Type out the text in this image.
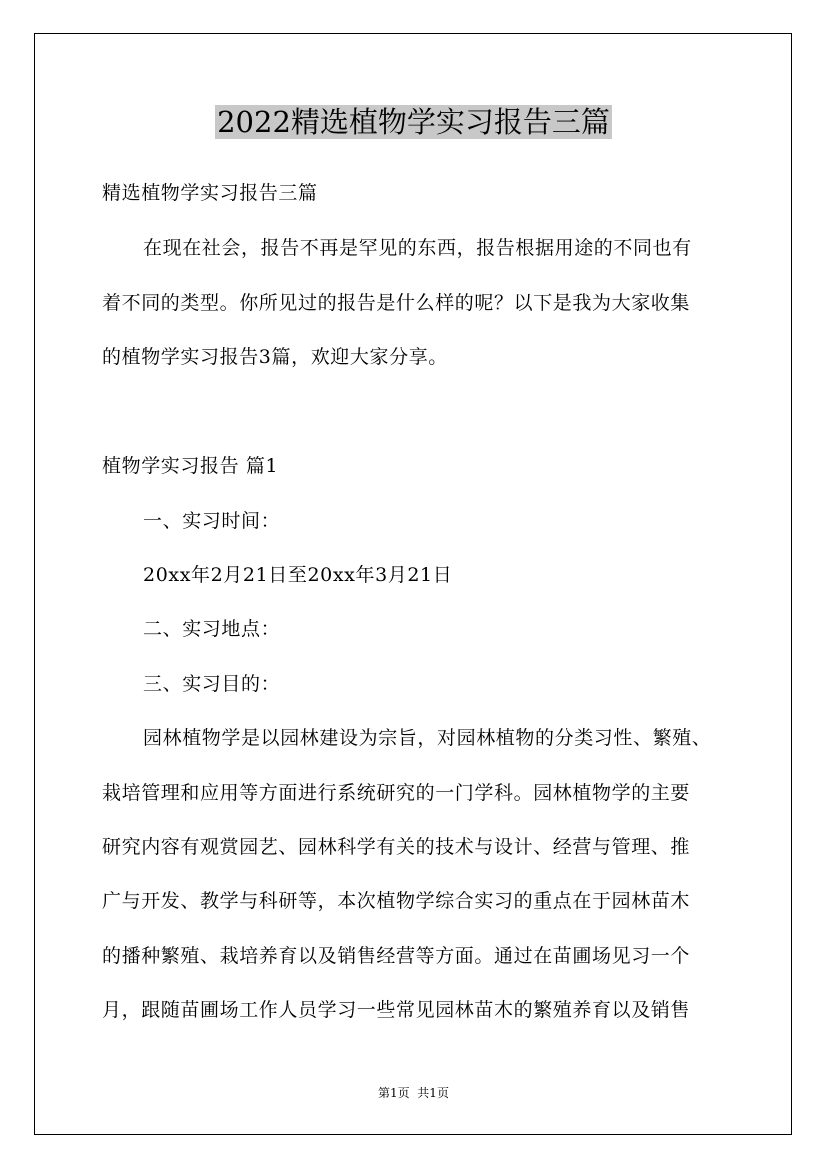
2022精选植物学实习报告三篇

精选植物学实习报告三篇

在现在社会，报告不再是罕见的东西，报告根据用途的不同也有

着不同的类型。你所见过的报告是什么样的呢？以下是我为大家收集

的植物学实习报告3篇，欢迎大家分享。

植物学实习报告 篇1

一、实习时间：

20xx年2月21日至20xx年3月21日

二、实习地点：

三、实习目的：

园林植物学是以园林建设为宗旨，对园林植物的分类习性、繁殖、

栽培管理和应用等方面进行系统研究的一门学科。园林植物学的主要

研究内容有观赏园艺、园林科学有关的技术与设计、经营与管理、推

广与开发、教学与科研等，本次植物学综合实习的重点在于园林苗木

的播种繁殖、栽培养育以及销售经营等方面。通过在苗圃场见习一个

月，跟随苗圃场工作人员学习一些常见园林苗木的繁殖养育以及销售

第1页  共1页
